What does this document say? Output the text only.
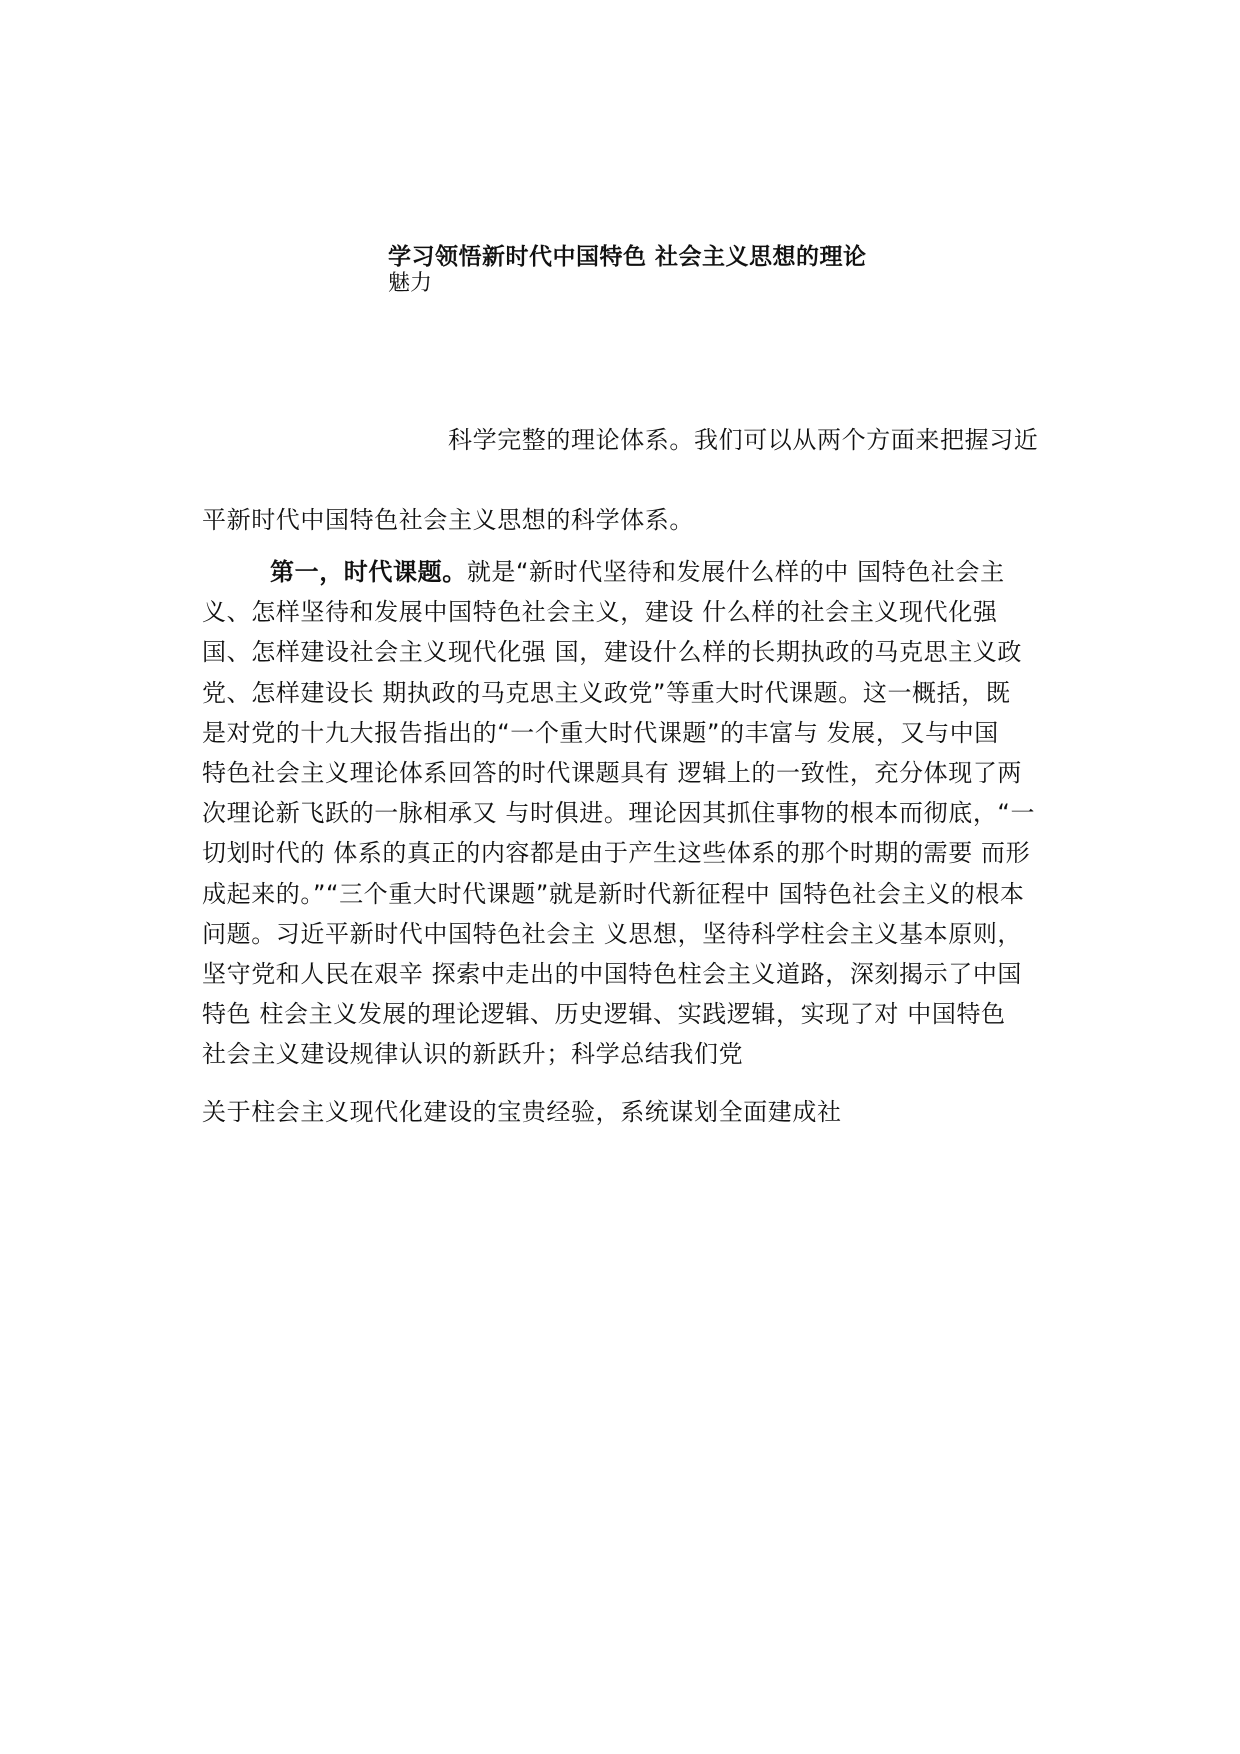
学习领悟新时代中国特色 社会主义思想的理论
魅力
科学完整的理论体系。我们可以从两个方面来把握习近
平新时代中国特色社会主义思想的科学体系。
第一，时代课题。就是“新时代坚待和发展什么样的中 国特色社会主
义、怎样坚待和发展中国特色社会主义，建设 什么样的社会主义现代化强
国、怎样建设社会主义现代化强 国，建设什么样的长期执政的马克思主义政
党、怎样建设长 期执政的马克思主义政党”等重大时代课题。这一概括，既
是对党的十九大报告指出的“一个重大时代课题”的丰富与 发展，又与中国
特色社会主义理论体系回答的时代课题具有 逻辑上的一致性，充分体现了两
次理论新飞跃的一脉相承又 与时俱进。理论因其抓住事物的根本而彻底，“一
切划时代的 体系的真正的内容都是由于产生这些体系的那个时期的需要 而形
成起来的。”“三个重大时代课题”就是新时代新征程中 国特色社会主义的根本
问题。习近平新时代中国特色社会主 义思想，坚待科学柱会主义基本原则，
坚守党和人民在艰辛 探索中走出的中国特色柱会主义道路，深刻揭示了中国
特色 柱会主义发展的理论逻辑、历史逻辑、实践逻辑，实现了对 中国特色
社会主义建设规律认识的新跃升；科学总结我们党
关于柱会主义现代化建设的宝贵经验，系统谋划全面建成社
